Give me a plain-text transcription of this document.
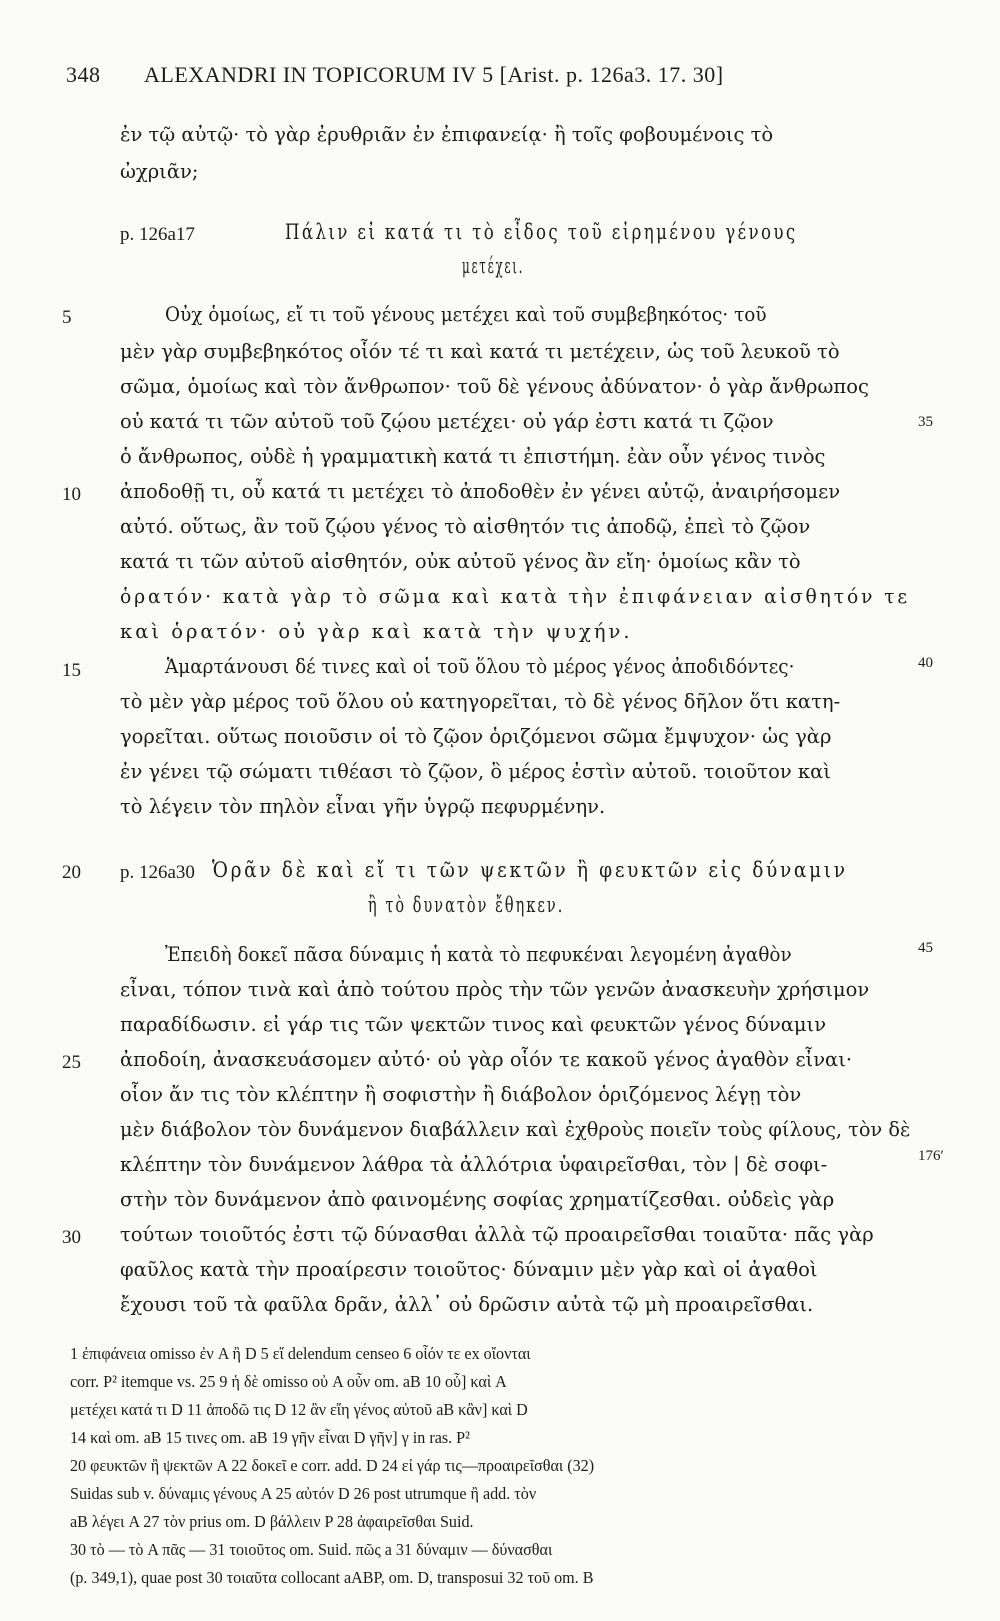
348 ALEXANDRI IN TOPICORUM IV 5 [Arist. p. 126a3. 17. 30]
ἐν τῷ αὐτῷ· τὸ γὰρ ἐρυθριᾶν ἐν ἐπιφανείᾳ· ἢ τοῖς φοβουμένοις τὸ
ὠχριᾶν;
p. 126a17	Πάλιν εἰ κατά τι τὸ εἶδος τοῦ εἰρημένου γένους
μετέχει.
5	Οὐχ ὁμοίως, εἴ τι τοῦ γένους μετέχει καὶ τοῦ συμβεβηκότος· τοῦ
μὲν γὰρ συμβεβηκότος οἷόν τέ τι καὶ κατά τι μετέχειν, ὡς τοῦ λευκοῦ τὸ
σῶμα, ὁμοίως καὶ τὸν ἄνθρωπον· τοῦ δὲ γένους ἀδύνατον· ὁ γὰρ ἄνθρωπος
οὐ κατά τι τῶν αὐτοῦ τοῦ ζῴου μετέχει· οὐ γάρ ἐστι κατά τι ζῷον	35
ὁ ἄνθρωπος, οὐδὲ ἡ γραμματικὴ κατά τι ἐπιστήμη. ἐὰν οὖν γένος τινὸς
10 ἀποδοθῇ τι, οὗ κατά τι μετέχει τὸ ἀποδοθὲν ἐν γένει αὐτῷ, ἀναιρήσομεν
αὐτό. οὕτως, ἂν τοῦ ζῴου γένος τὸ αἰσθητόν τις ἀποδῷ, ἐπεὶ τὸ ζῷον
κατά τι τῶν αὐτοῦ αἰσθητόν, οὐκ αὐτοῦ γένος ἂν εἴη· ὁμοίως κἂν τὸ
ὁρατόν· κατὰ γὰρ τὸ σῶμα καὶ κατὰ τὴν ἐπιφάνειαν αἰσθητόν τε
καὶ ὁρατόν· οὐ γὰρ καὶ κατὰ τὴν ψυχήν.
15	Ἁμαρτάνουσι δέ τινες καὶ οἱ τοῦ ὅλου τὸ μέρος γένος ἀποδιδόντες·	40
τὸ μὲν γὰρ μέρος τοῦ ὅλου οὐ κατηγορεῖται, τὸ δὲ γένος δῆλον ὅτι κατη-
γορεῖται. οὕτως ποιοῦσιν οἱ τὸ ζῷον ὁριζόμενοι σῶμα ἔμψυχον· ὡς γὰρ
ἐν γένει τῷ σώματι τιθέασι τὸ ζῷον, ὃ μέρος ἐστὶν αὐτοῦ. τοιοῦτον καὶ
τὸ λέγειν τὸν πηλὸν εἶναι γῆν ὑγρῷ πεφυρμένην.
20 p. 126a30 Ὁρᾶν δὲ καὶ εἴ τι τῶν ψεκτῶν ἢ φευκτῶν εἰς δύναμιν
ἢ τὸ δυνατὸν ἔθηκεν.
Ἐπειδὴ δοκεῖ πᾶσα δύναμις ἡ κατὰ τὸ πεφυκέναι λεγομένη ἀγαθὸν	45
εἶναι, τόπον τινὰ καὶ ἀπὸ τούτου πρὸς τὴν τῶν γενῶν ἀνασκευὴν χρήσιμον
παραδίδωσιν. εἰ γάρ τις τῶν ψεκτῶν τινος καὶ φευκτῶν γένος δύναμιν
25 ἀποδοίη, ἀνασκευάσομεν αὐτό· οὐ γὰρ οἷόν τε κακοῦ γένος ἀγαθὸν εἶναι·
οἷον ἄν τις τὸν κλέπτην ἢ σοφιστὴν ἢ διάβολον ὁριζόμενος λέγῃ τὸν
μὲν διάβολον τὸν δυνάμενον διαβάλλειν καὶ ἐχθροὺς ποιεῖν τοὺς φίλους, τὸν δὲ
κλέπτην τὸν δυνάμενον λάθρα τὰ ἀλλότρια ὑφαιρεῖσθαι, τὸν | δὲ σοφι-	176′
στὴν τὸν δυνάμενον ἀπὸ φαινομένης σοφίας χρηματίζεσθαι. οὐδεὶς γὰρ
30 τούτων τοιοῦτός ἐστι τῷ δύνασθαι ἀλλὰ τῷ προαιρεῖσθαι τοιαῦτα· πᾶς γὰρ
φαῦλος κατὰ τὴν προαίρεσιν τοιοῦτος· δύναμιν μὲν γὰρ καὶ οἱ ἀγαθοὶ
ἔχουσι τοῦ τὰ φαῦλα δρᾶν, ἀλλ᾽ οὐ δρῶσιν αὐτὰ τῷ μὴ προαιρεῖσθαι.
1 ἐπιφάνεια omisso ἐν A ἢ D 5 εἴ delendum censeo 6 οἷόν τε ex οἴονται
corr. P² itemque vs. 25 9 ἡ δὲ omisso οὐ A οὖν om. aB 10 οὗ] καὶ A
μετέχει κατά τι D 11 ἀποδῶ τις D 12 ἂν εἴη γένος αὐτοῦ aB κἂν] καὶ D
14 καὶ om. aB 15 τινες om. aB 19 γῆν εἶναι D γῆν] γ in ras. P²
20 φευκτῶν ἢ ψεκτῶν A 22 δοκεῖ e corr. add. D 24 εἰ γάρ τις—προαιρεῖσθαι (32)
Suidas sub v. δύναμις γένους A 25 αὐτόν D 26 post utrumque ἢ add. τὸν
aB λέγει A 27 τὸν prius om. D βάλλειν P 28 ἀφαιρεῖσθαι Suid.
30 τὸ — τὸ A πᾶς — 31 τοιοῦτος om. Suid. πῶς a 31 δύναμιν — δύνασθαι
(p. 349,1), quae post 30 τοιαῦτα collocant aABP, om. D, transposui 32 τοῦ om. B
